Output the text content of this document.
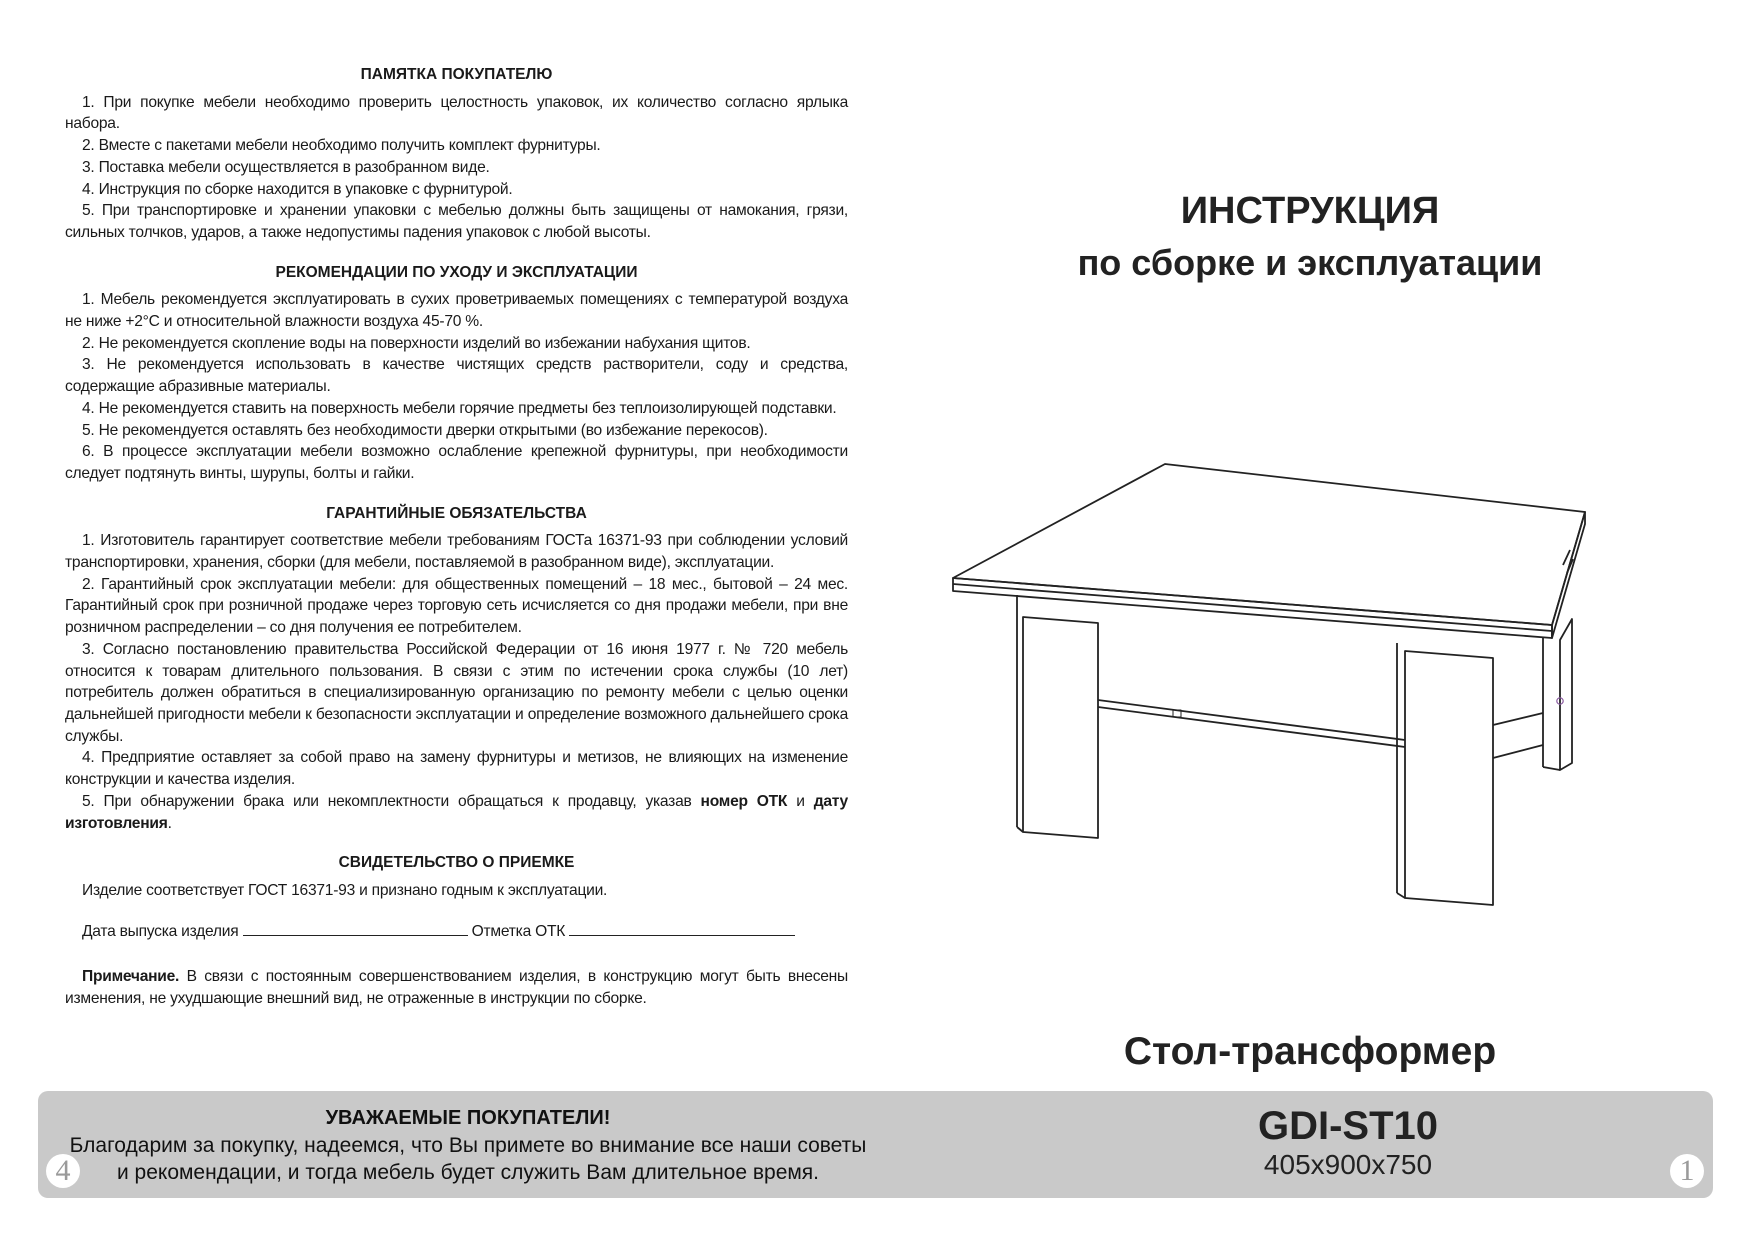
ПАМЯТКА ПОКУПАТЕЛЮ

1. При покупке мебели необходимо проверить целостность упаковок, их количество согласно ярлыка набора.

2. Вместе с пакетами мебели необходимо получить комплект фурнитуры.

3. Поставка мебели осуществляется в разобранном виде.

4. Инструкция по сборке находится в упаковке с фурнитурой.

5. При транспортировке и хранении упаковки с мебелью должны быть защищены от намокания, грязи, сильных толчков, ударов, а также недопустимы падения упаковок с любой высоты.

РЕКОМЕНДАЦИИ ПО УХОДУ И ЭКСПЛУАТАЦИИ

1. Мебель рекомендуется эксплуатировать в сухих проветриваемых помещениях с температурой воздуха не ниже +2°С и относительной влажности воздуха 45-70 %.

2. Не рекомендуется скопление воды на поверхности изделий во избежании набухания щитов.

3. Не рекомендуется использовать в качестве чистящих средств растворители, соду и средства, содержащие абразивные материалы.

4. Не рекомендуется ставить на поверхность мебели горячие предметы без теплоизолирующей подставки.

5. Не рекомендуется оставлять без необходимости дверки открытыми (во избежание перекосов).

6. В процессе эксплуатации мебели возможно ослабление крепежной фурнитуры, при необходимости следует подтянуть винты, шурупы, болты и гайки.

ГАРАНТИЙНЫЕ ОБЯЗАТЕЛЬСТВА

1. Изготовитель гарантирует соответствие мебели требованиям ГОСТа 16371-93 при соблюдении условий транспортировки, хранения, сборки (для мебели, поставляемой в разобранном виде), эксплуатации.

2. Гарантийный срок эксплуатации мебели: для общественных помещений – 18 мес., бытовой – 24 мес. Гарантийный срок при розничной продаже через торговую сеть исчисляется со дня продажи мебели, при вне розничном распределении – со дня получения ее потребителем.

3. Согласно постановлению правительства Российской Федерации от 16 июня 1977 г. № 720 мебель относится к товарам длительного пользования. В связи с этим по истечении срока службы (10 лет) потребитель должен обратиться в специализированную организацию по ремонту мебели с целью оценки дальнейшей пригодности мебели к безопасности эксплуатации и определение возможного дальнейшего срока службы.

4. Предприятие оставляет за собой право на замену фурнитуры и метизов, не влияющих на изменение конструкции и качества изделия.

5. При обнаружении брака или некомплектности обращаться к продавцу, указав номер ОТК и дату изготовления.

СВИДЕТЕЛЬСТВО О ПРИЕМКЕ

Изделие соответствует ГОСТ 16371-93 и признано годным к эксплуатации.

Дата выпуска изделия	Отметка ОТК

Примечание. В связи с постоянным совершенствованием изделия, в конструкцию могут быть внесены изменения, не ухудшающие внешний вид, не отраженные в инструкции по сборке.

ИНСТРУКЦИЯ
по сборке и эксплуатации
Стол-трансформер
4
УВАЖАЕМЫЕ ПОКУПАТЕЛИ!
Благодарим за покупку, надеемся, что Вы примете во внимание все наши советы
и рекомендации, и тогда мебель будет служить Вам длительное время.
GDI-ST10
405x900x750	1
